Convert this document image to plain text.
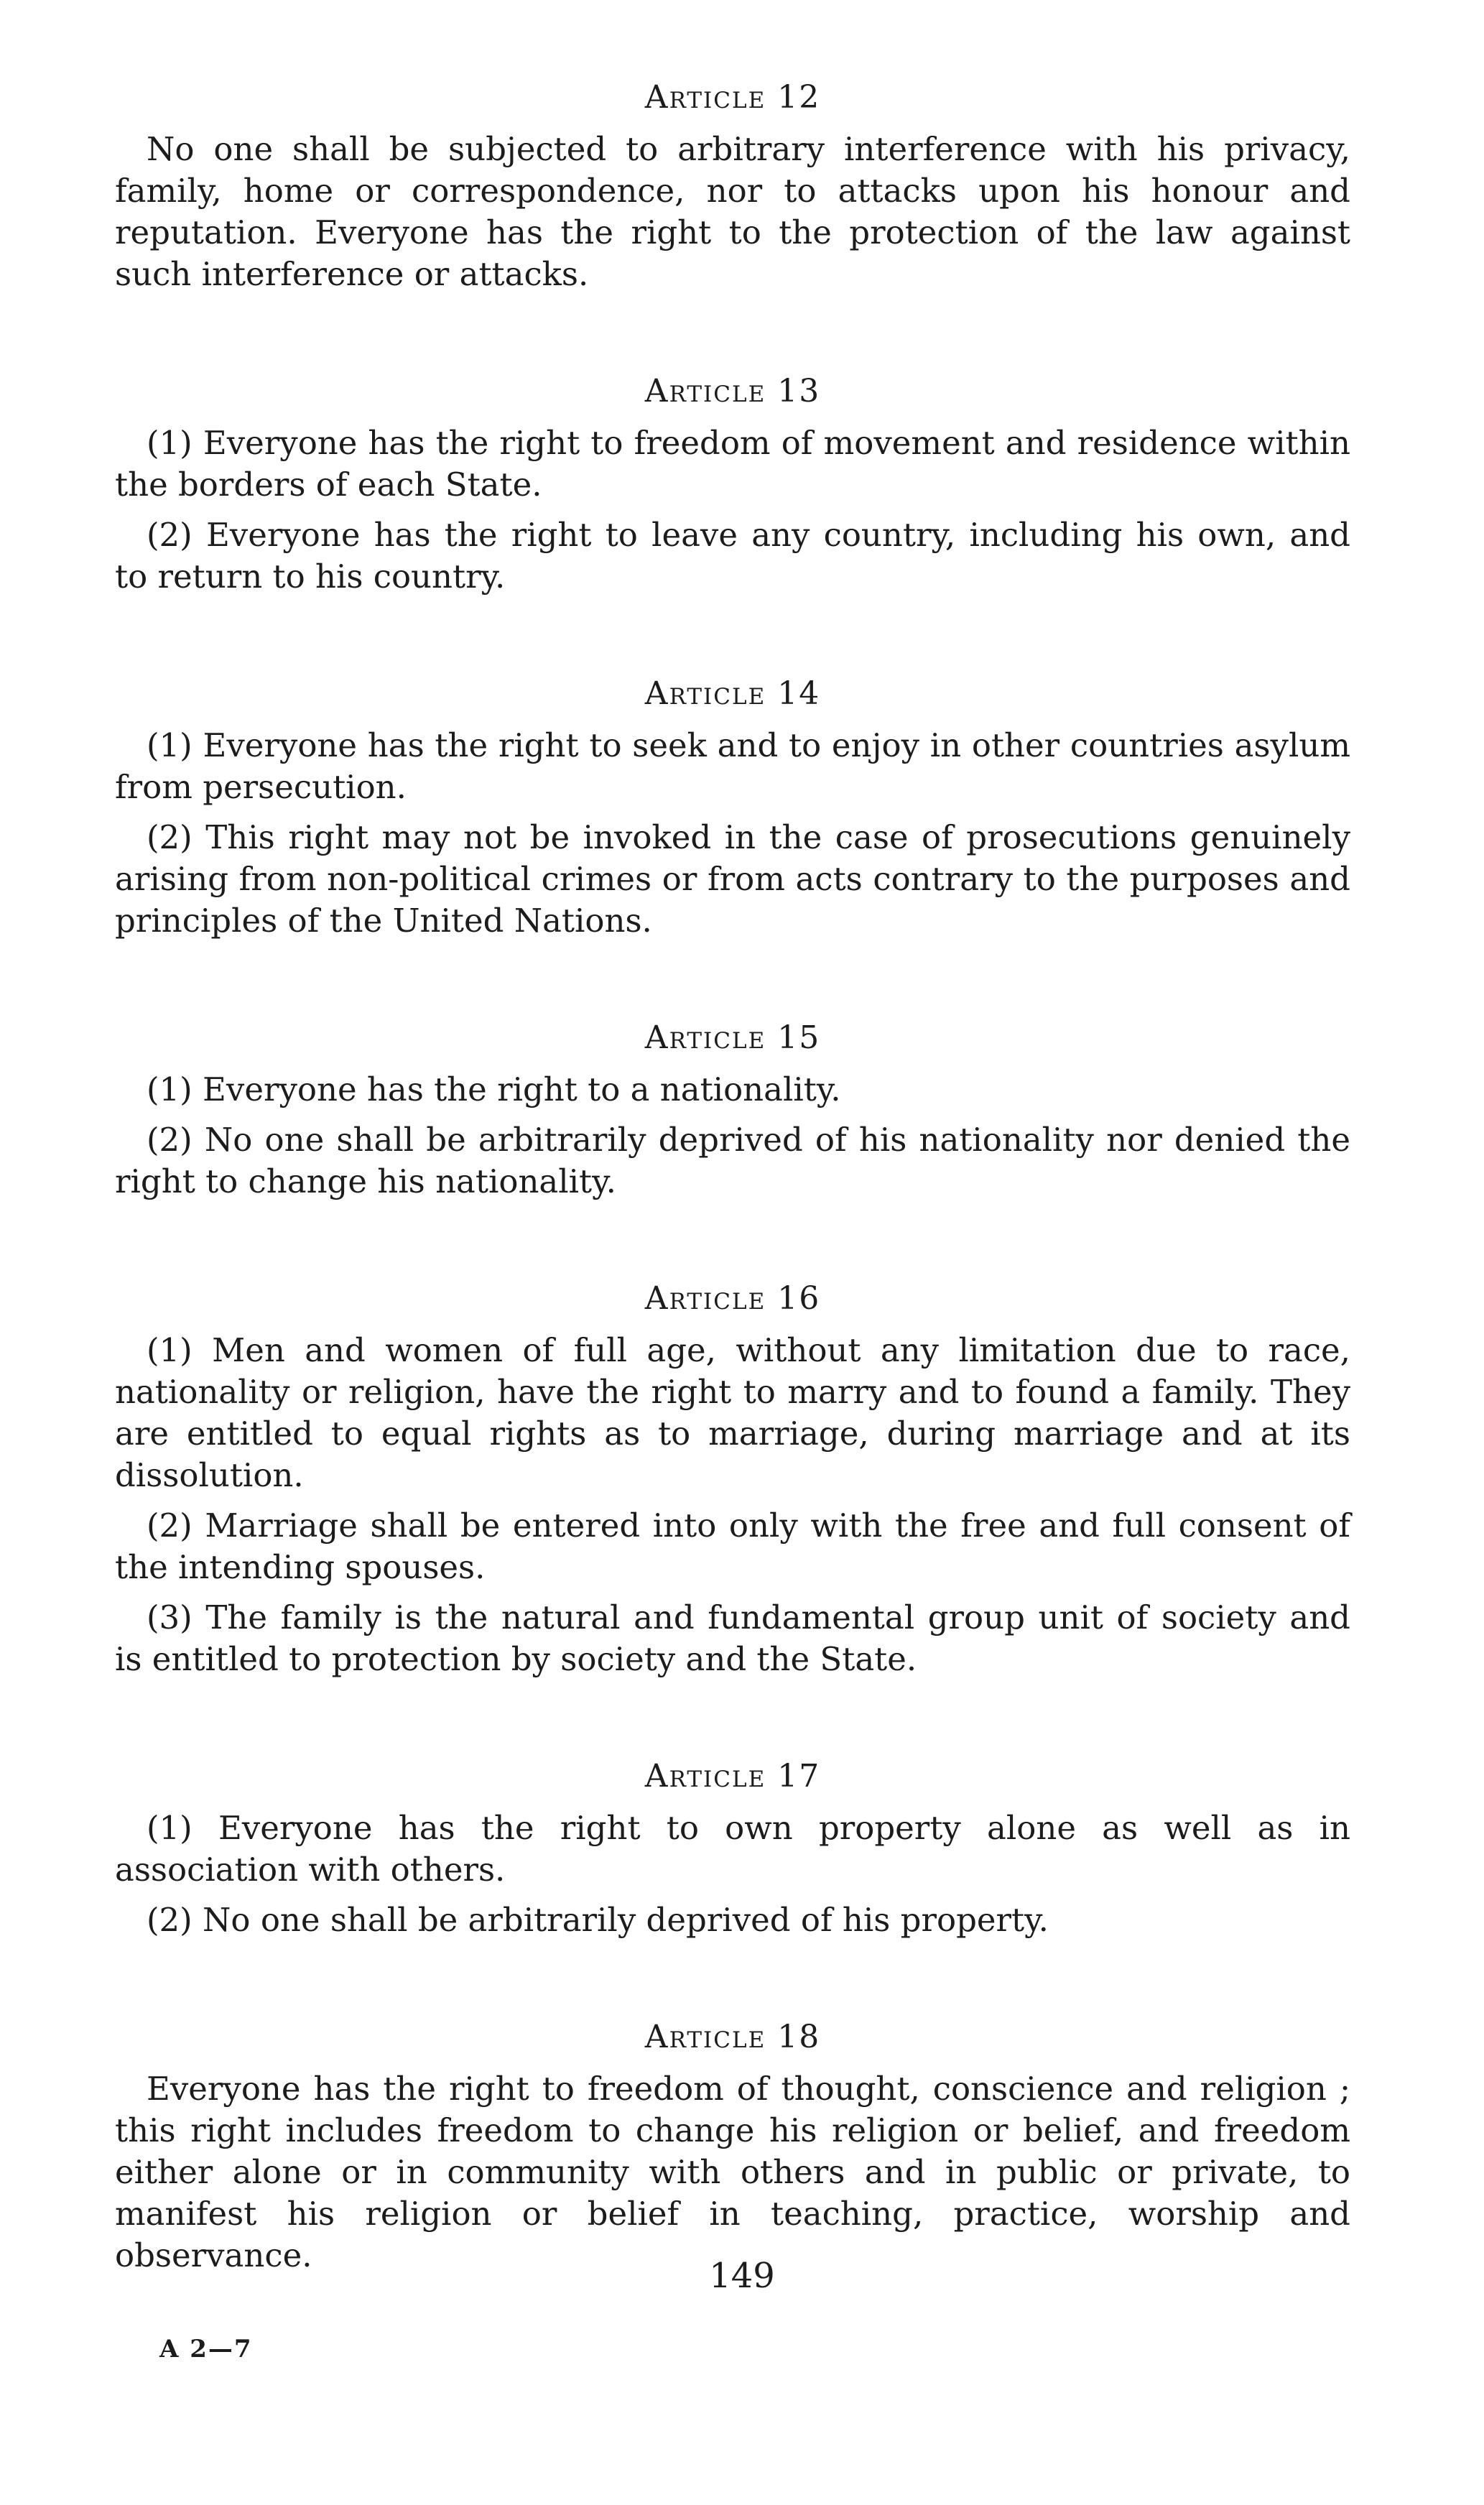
Article 12

No one shall be subjected to arbitrary interference with his privacy, family, home or correspondence, nor to attacks upon his honour and reputation. Everyone has the right to the protection of the law against such interference or attacks.

Article 13

(1) Everyone has the right to freedom of movement and residence within the borders of each State.

(2) Everyone has the right to leave any country, including his own, and to return to his country.

Article 14

(1) Everyone has the right to seek and to enjoy in other countries asylum from persecution.

(2) This right may not be invoked in the case of prosecutions genuinely arising from non-political crimes or from acts contrary to the purposes and principles of the United Nations.

Article 15

(1) Everyone has the right to a nationality.

(2) No one shall be arbitrarily deprived of his nationality nor denied the right to change his nationality.

Article 16

(1) Men and women of full age, without any limitation due to race, nationality or religion, have the right to marry and to found a family. They are entitled to equal rights as to marriage, during marriage and at its dissolution.

(2) Marriage shall be entered into only with the free and full consent of the intending spouses.

(3) The family is the natural and fundamental group unit of society and is entitled to protection by society and the State.

Article 17

(1) Everyone has the right to own property alone as well as in association with others.

(2) No one shall be arbitrarily deprived of his property.

Article 18

Everyone has the right to freedom of thought, conscience and religion ; this right includes freedom to change his religion or belief, and freedom either alone or in community with others and in public or private, to manifest his religion or belief in teaching, practice, worship and observance.

149
A 2—7
